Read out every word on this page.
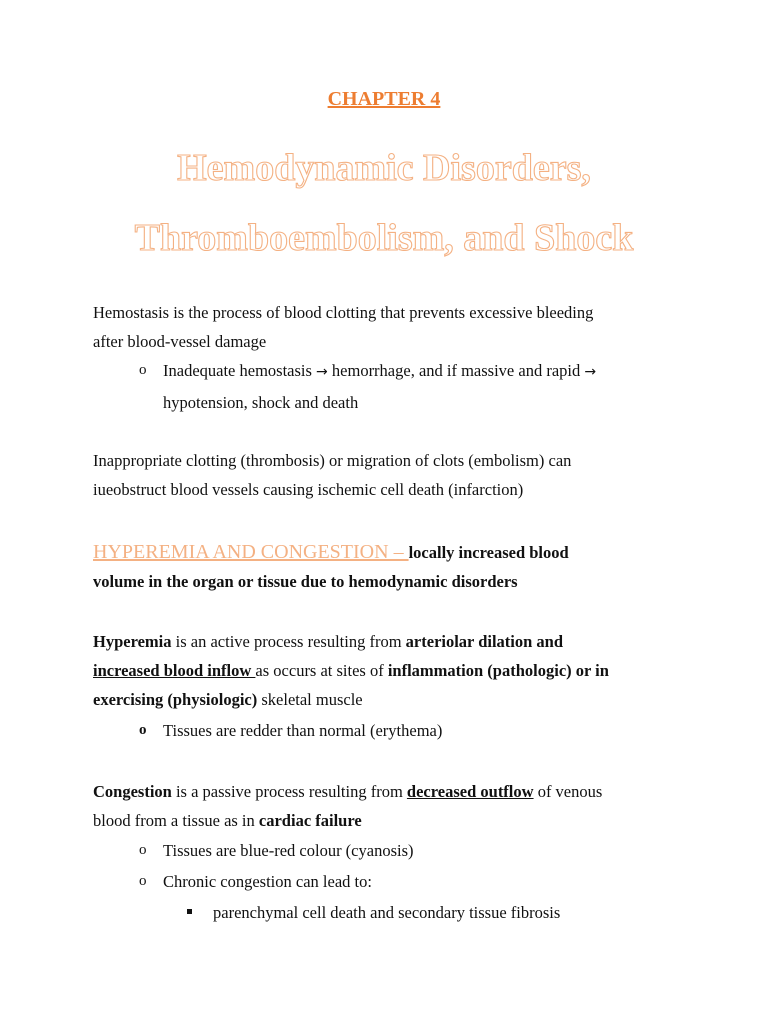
CHAPTER 4
Hemodynamic Disorders,
Thromboembolism, and Shock
Hemostasis is the process of blood clotting that prevents excessive bleeding
after blood-vessel damage
o Inadequate hemostasis → hemorrhage, and if massive and rapid →
hypotension, shock and death
Inappropriate clotting (thrombosis) or migration of clots (embolism) can
iueobstruct blood vessels causing ischemic cell death (infarction)
HYPEREMIA AND CONGESTION – locally increased blood
volume in the organ or tissue due to hemodynamic disorders
Hyperemia is an active process resulting from arteriolar dilation and
increased blood inflow as occurs at sites of inflammation (pathologic) or in
exercising (physiologic) skeletal muscle
o Tissues are redder than normal (erythema)
Congestion is a passive process resulting from decreased outflow of venous
blood from a tissue as in cardiac failure
o Tissues are blue-red colour (cyanosis)
o Chronic congestion can lead to:
parenchymal cell death and secondary tissue fibrosis
